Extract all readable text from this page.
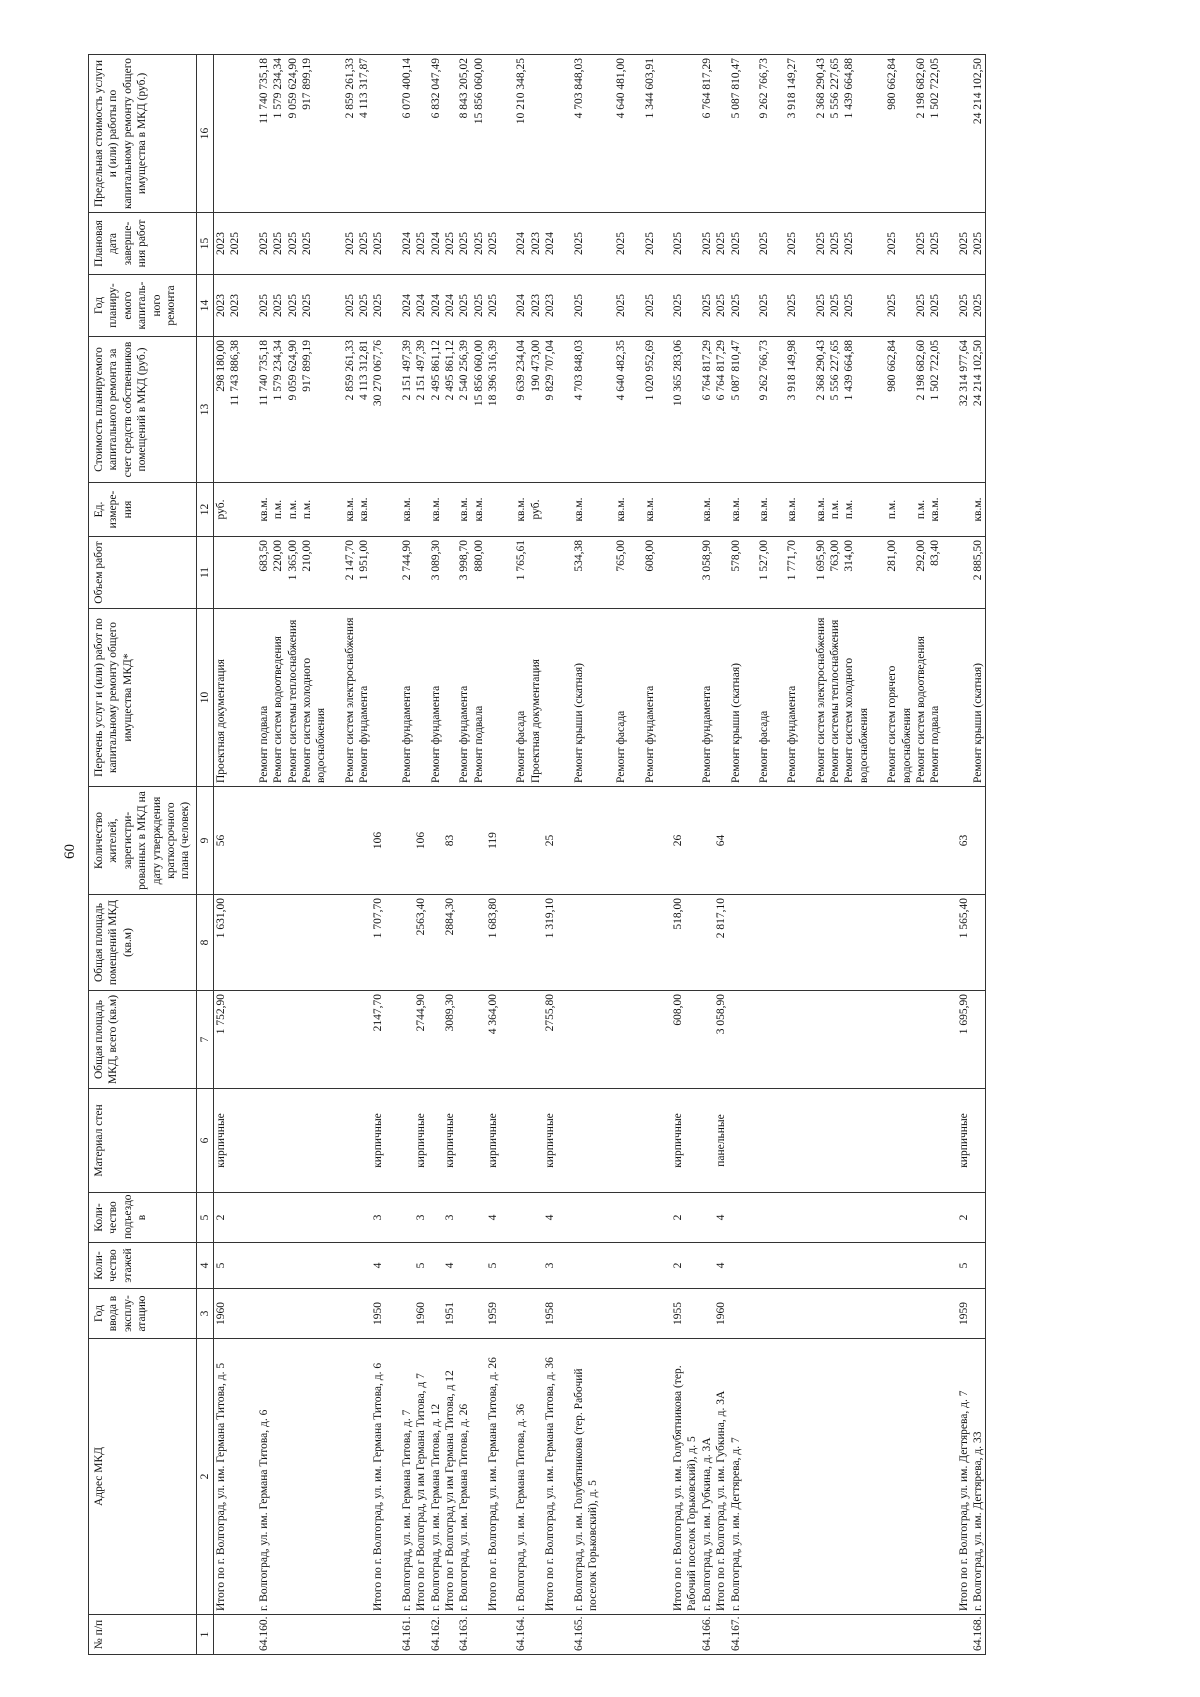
60
№ п/п	Адрес МКД	Год ввода в эксплу-атацию	Коли-чество этажей	Коли-чество подъездо в	Материал стен	Общая площадь МКД, всего (кв.м)	Общая площадь помещений МКД (кв.м)	Количество жителей, зарегистри-рованных в МКД на дату утверждения краткосрочного плана (человек)	Перечень услуг и (или) работ по капитальному ремонту общего имущества МКД*	Объем работ	Ед. измере-ния	Стоимость планируемого капитального ремонта за счет средств собственников помещений в МКД (руб.)	Год планиру-емого капиталь-ного ремонта	Плановая дата заверше-ния работ	Предельная стоимость услуги и (или) работы по капитальному ремонту общего имущества в МКД (руб.)
1	2	3	4	5	6	7	8	9	10	11	12	13	14	15	16
	Итого по г. Волгоград, ул. им. Германа Титова, д. 5	1960	5	2	кирпичные	1 752,90	1 631,00	56	Проектная документация		руб.	298 180,00	2023	2023	
												11 743 886,38	2023	2025	

64.160.	г. Волгоград, ул. им. Германа Титова, д. 6								Ремонт подвала	683,50	кв.м.	11 740 735,18	2025	2025	11 740 735,18
									Ремонт систем водоотведения	220,00	п.м.	1 579 234,34	2025	2025	1 579 234,34
									Ремонт системы теплоснабжения	1 365,00	п.м.	9 059 624,90	2025	2025	9 059 624,90
									Ремонт систем холодного водоснабжения	210,00	п.м.	917 899,19	2025	2025	917 899,19

									Ремонт систем электроснабжения	2 147,70	кв.м.	2 859 261,33	2025	2025	2 859 261,33
									Ремонт фундамента	1 951,00	кв.м.	4 113 312,81	2025	2025	4 113 317,87
	Итого по г. Волгоград, ул. им. Германа Титова, д. 6	1950	4	3	кирпичные	2147,70	1 707,70	106				30 270 067,76	2025	2025	

64.161.	г. Волгоград, ул. им. Германа Титова, д. 7								Ремонт фундамента	2 744,90	кв.м.	2 151 497,39	2024	2024	6 070 400,14
	Итого по г Волгоград, ул им Германа Титова, д 7	1960	5	3	кирпичные	2744,90	2563,40	106				2 151 497,39	2024	2025	
64.162.	г. Волгоград, ул. им. Германа Титова, д. 12								Ремонт фундамента	3 089,30	кв.м.	2 495 861,12	2024	2024	6 832 047,49
	Итого по г Волгоград ул им Германа Титова, д 12	1951	4	3	кирпичные	3089,30	2884,30	83				2 495 861,12	2024	2025	
64.163.	г. Волгоград, ул. им. Германа Титова, д. 26								Ремонт фундамента	3 998,70	кв.м.	2 540 256,39	2025	2025	8 843 205,02
									Ремонт подвала	880,00	кв.м.	15 856 060,00	2025	2025	15 856 060,00
	Итого по г. Волгоград, ул. им. Германа Титова, д. 26	1959	5	4	кирпичные	4 364,00	1 683,80	119				18 396 316,39	2025	2025	

64.164.	г. Волгоград, ул. им. Германа Титова, д. 36								Ремонт фасада	1 765,61	кв.м.	9 639 234,04	2024	2024	10 210 348,25
									Проектная документация		руб.	190 473,00	2023	2023	
	Итого по г. Волгоград, ул. им. Германа Титова, д. 36	1958	3	4	кирпичные	2755,80	1 319,10	25				9 829 707,04	2023	2024	

64.165.	г. Волгоград, ул. им. Голубятникова (тер. Рабочий поселок Горьковский), д. 5								Ремонт крыши (скатная)	534,38	кв.м.	4 703 848,03	2025	2025	4 703 848,03

									Ремонт фасада	765,00	кв.м.	4 640 482,35	2025	2025	4 640 481,00

									Ремонт фундамента	608,00	кв.м.	1 020 952,69	2025	2025	1 344 603,91

	Итого по г. Волгоград, ул. им. Голубятникова (тер. Рабочий поселок Горьковский), д. 5	1955	2	2	кирпичные	608,00	518,00	26				10 365 283,06	2025	2025	
64.166.	г. Волгоград, ул. им. Губкина, д. 3А								Ремонт фундамента	3 058,90	кв.м.	6 764 817,29	2025	2025	6 764 817,29
	Итого по г. Волгоград, ул. им. Губкина, д. 3А	1960	4	4	панельные	3 058,90	2 817,10	64				6 764 817,29	2025	2025	
64.167.	г. Волгоград, ул. им. Дегтярева, д. 7								Ремонт крыши (скатная)	578,00	кв.м.	5 087 810,47	2025	2025	5 087 810,47

									Ремонт фасада	1 527,00	кв.м.	9 262 766,73	2025	2025	9 262 766,73

									Ремонт фундамента	1 771,70	кв.м.	3 918 149,98	2025	2025	3 918 149,27

									Ремонт систем электроснабжения	1 695,90	кв.м.	2 368 290,43	2025	2025	2 368 290,43
									Ремонт системы теплоснабжения	763,00	п.м.	5 556 227,65	2025	2025	5 556 227,65
									Ремонт систем холодного водоснабжения	314,00	п.м.	1 439 664,88	2025	2025	1 439 664,88

									Ремонт систем горячего водоснабжения	281,00	п.м.	980 662,84	2025	2025	980 662,84
									Ремонт систем водоотведения	292,00	п.м.	2 198 682,60	2025	2025	2 198 682,60
									Ремонт подвала	83,40	кв.м.	1 502 722,05	2025	2025	1 502 722,05

	Итого по г. Волгоград, ул. им. Дегтярева, д. 7	1959	5	2	кирпичные	1 695,90	1 565,40	63				32 314 977,64	2025	2025	
64.168.	г. Волгоград, ул. им. Дегтярева, д. 33								Ремонт крыши (скатная)	2 885,50	кв.м.	24 214 102,50	2025	2025	24 214 102,50
